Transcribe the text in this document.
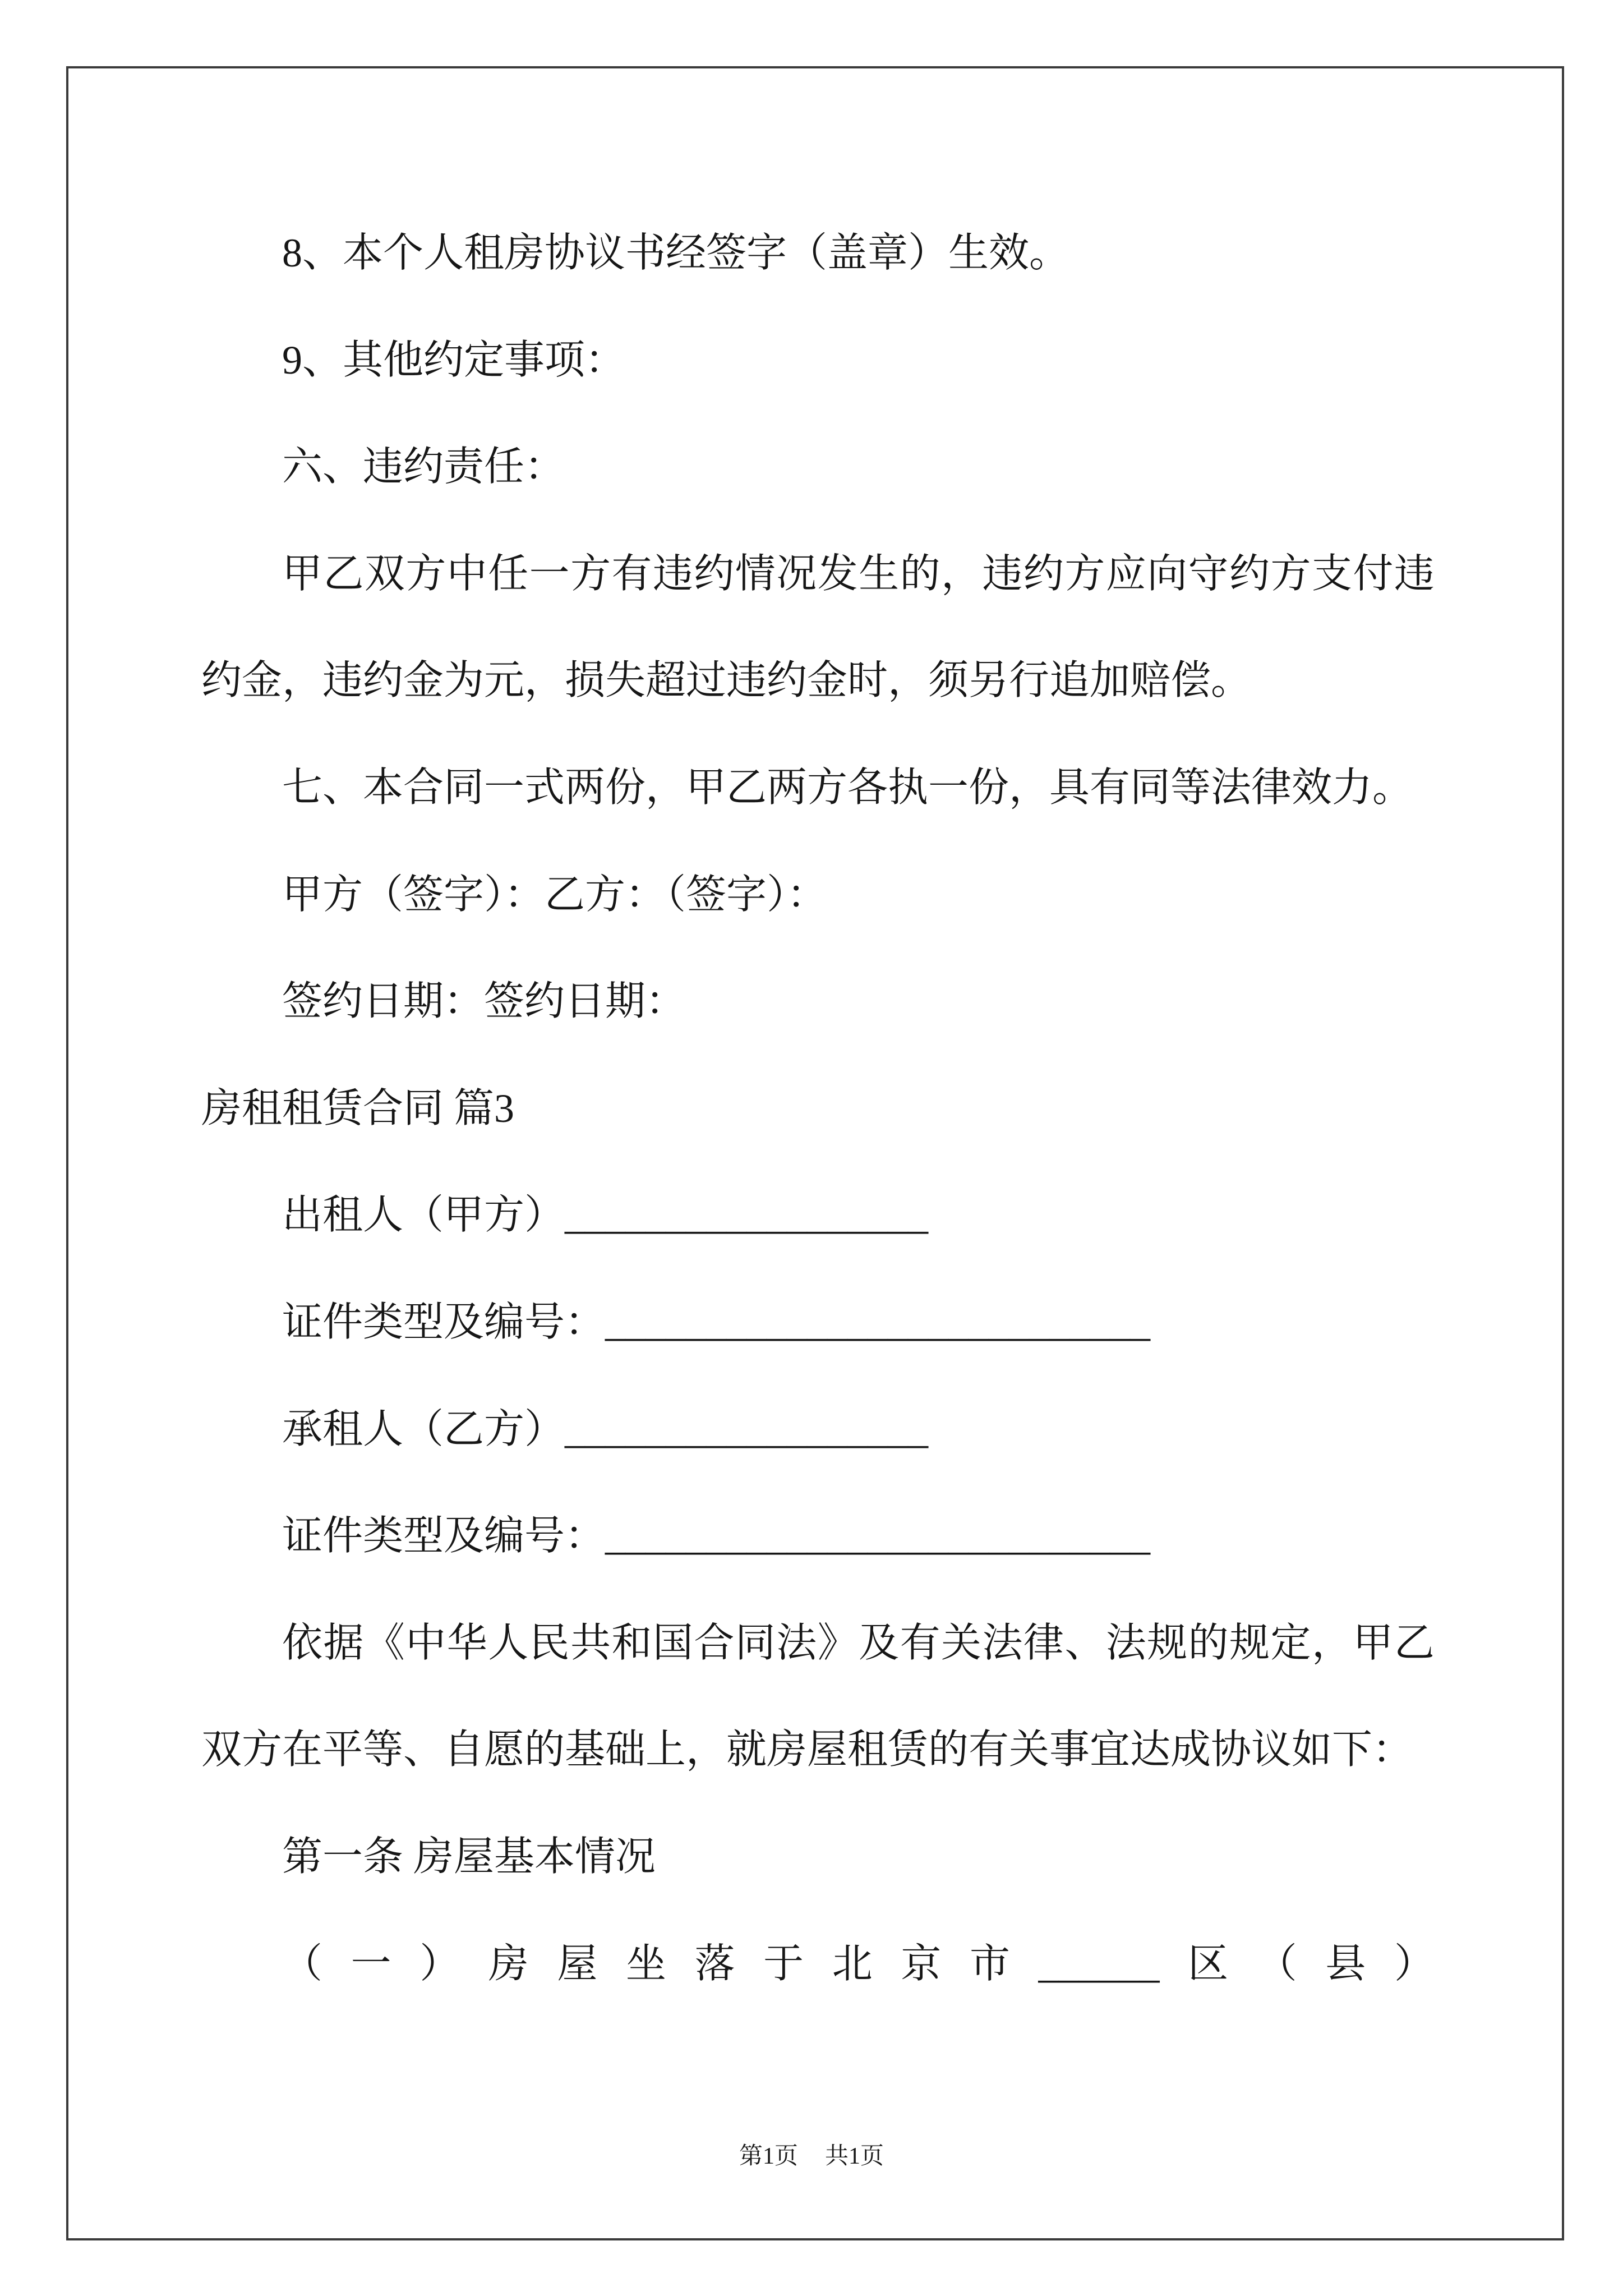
8、本个人租房协议书经签字（盖章）生效。
9、其他约定事项：
六、违约责任：
甲 乙 双 方 中 任 一 方 有 违 约 情 况 发 生 的 ， 违 约 方 应 向 守 约 方 支 付 违
约金，违约金为元，损失超过违约金时，须另行追加赔偿。
七、本合同一式两份，甲乙两方各执一份，具有同等法律效力。
甲方（签字）：乙方：（签字）：
签约日期：签约日期：
房租租赁合同 篇3
出租人（甲方）__________________
证件类型及编号：___________________________
承租人（乙方）__________________
证件类型及编号：___________________________
依 据 《 中 华 人 民 共 和 国 合 同 法 》 及 有 关 法 律 、 法 规 的 规 定 ， 甲 乙
双方在平等、自愿的基础上，就房屋租赁的有关事宜达成协议如下：
第一条 房屋基本情况
（ 一 ） 房 屋 坐 落 于 北 京 市 ______ 区 （ 县 ）
第1页 共1页
